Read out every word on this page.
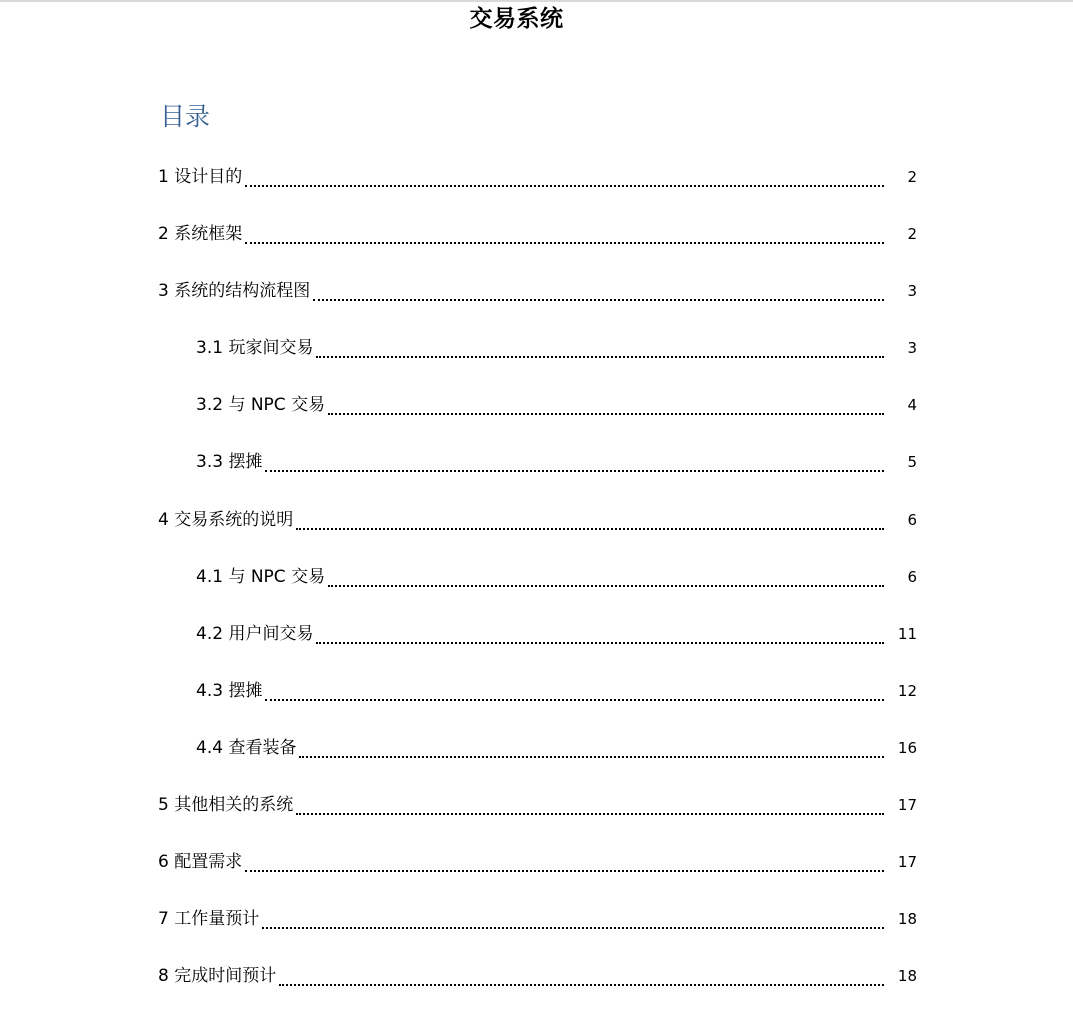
交易系统
目录
1 设计目的	2
2 系统框架	2
3 系统的结构流程图	3
3.1 玩家间交易	3
3.2 与 NPC 交易	4
3.3 摆摊	5
4 交易系统的说明	6
4.1 与 NPC 交易	6
4.2 用户间交易	11
4.3 摆摊	12
4.4 查看装备	16
5 其他相关的系统	17
6 配置需求	17
7 工作量预计	18
8 完成时间预计	18
